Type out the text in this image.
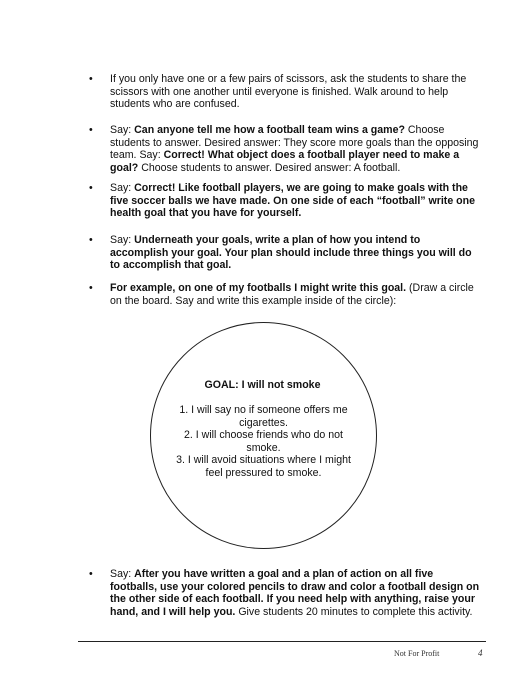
• If you only have one or a few pairs of scissors, ask the students to share the scissors with one another until everyone is finished. Walk around to help students who are confused.
• Say: Can anyone tell me how a football team wins a game? Choose students to answer. Desired answer: They score more goals than the opposing team. Say: Correct! What object does a football player need to make a goal? Choose students to answer. Desired answer: A football.
• Say: Correct! Like football players, we are going to make goals with the five soccer balls we have made. On one side of each “football” write one health goal that you have for yourself.
• Say: Underneath your goals, write a plan of how you intend to accomplish your goal. Your plan should include three things you will do to accomplish that goal.
• For example, on one of my footballs I might write this goal. (Draw a circle on the board. Say and write this example inside of the circle):
GOAL: I will not smoke
1. I will say no if someone offers me cigarettes.
2. I will choose friends who do not smoke.
3. I will avoid situations where I might feel pressured to smoke.
• Say: After you have written a goal and a plan of action on all five footballs, use your colored pencils to draw and color a football design on the other side of each football. If you need help with anything, raise your hand, and I will help you. Give students 20 minutes to complete this activity.
Not For Profit	4
